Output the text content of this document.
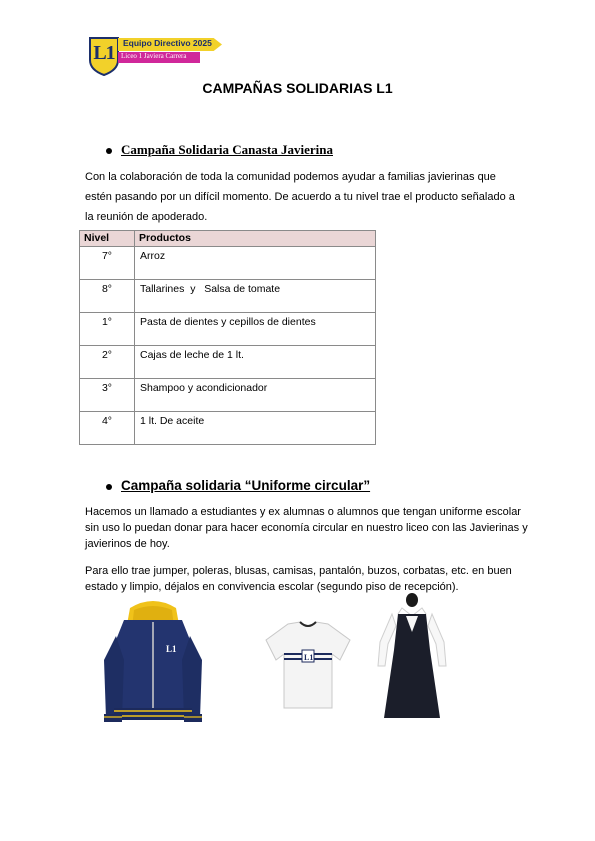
L1 Equipo Directivo 2025
Liceo 1 Javiera Carrera
CAMPAÑAS SOLIDARIAS L1
Campaña Solidaria Canasta Javierina
Con la colaboración de toda la comunidad podemos ayudar a familias javierinas que estén pasando por un difícil momento. De acuerdo a tu nivel trae el producto señalado a la reunión de apoderado.
Nivel	Productos
7°	Arroz
8°	Tallarines  y   Salsa de tomate
1°	Pasta de dientes y cepillos de dientes
2°	Cajas de leche de 1 lt.
3°	Shampoo y acondicionador
4°	1 lt. De aceite
Campaña solidaria “Uniforme circular”

Hacemos un llamado a estudiantes y ex alumnas o alumnos que tengan uniforme escolar sin uso lo puedan donar para hacer economía circular en nuestro liceo con las Javierinas y javierinos de hoy.

Para ello trae jumper, poleras, blusas, camisas, pantalón, buzos, corbatas, etc. en buen estado y limpio, déjalos en convivencia escolar (segundo piso de recepción).

L1
L1
